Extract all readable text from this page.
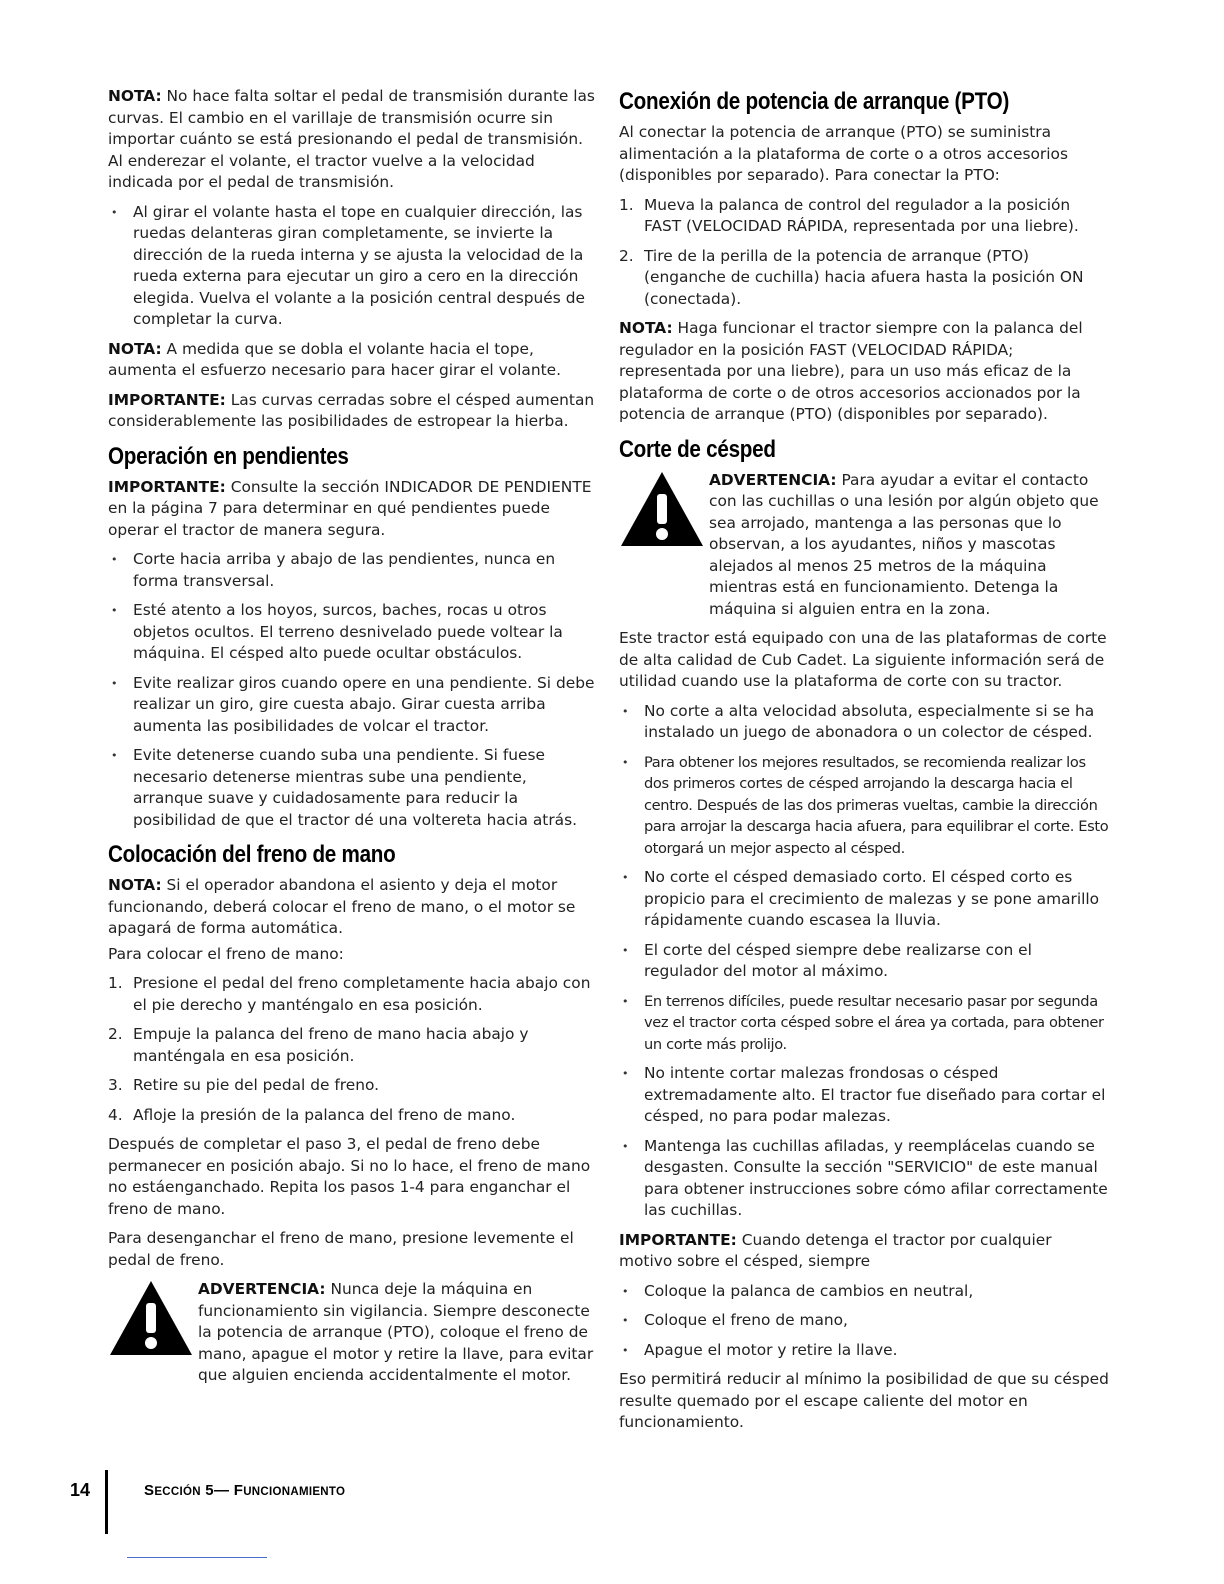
NOTA: No hace falta soltar el pedal de transmisión durante las curvas. El cambio en el varillaje de transmisión ocurre sin importar cuánto se está presionando el pedal de transmisión. Al enderezar el volante, el tractor vuelve a la velocidad indicada por el pedal de transmisión.

• Al girar el volante hasta el tope en cualquier dirección, las ruedas delanteras giran completamente, se invierte la dirección de la rueda interna y se ajusta la velocidad de la rueda externa para ejecutar un giro a cero en la dirección elegida. Vuelva el volante a la posición central después de completar la curva.

NOTA: A medida que se dobla el volante hacia el tope, aumenta el esfuerzo necesario para hacer girar el volante.

IMPORTANTE: Las curvas cerradas sobre el césped aumentan considerablemente las posibilidades de estropear la hierba.

Operación en pendientes

IMPORTANTE: Consulte la sección INDICADOR DE PENDIENTE en la página 7 para determinar en qué pendientes puede operar el tractor de manera segura.

• Corte hacia arriba y abajo de las pendientes, nunca en forma transversal.
• Esté atento a los hoyos, surcos, baches, rocas u otros objetos ocultos. El terreno desnivelado puede voltear la máquina. El césped alto puede ocultar obstáculos.
• Evite realizar giros cuando opere en una pendiente. Si debe realizar un giro, gire cuesta abajo. Girar cuesta arriba aumenta las posibilidades de volcar el tractor.
• Evite detenerse cuando suba una pendiente. Si fuese necesario detenerse mientras sube una pendiente, arranque suave y cuidadosamente para reducir la posibilidad de que el tractor dé una voltereta hacia atrás.
Colocación del freno de mano

NOTA: Si el operador abandona el asiento y deja el motor funcionando, deberá colocar el freno de mano, o el motor se apagará de forma automática.

Para colocar el freno de mano:

1. Presione el pedal del freno completamente hacia abajo con el pie derecho y manténgalo en esa posición.
2. Empuje la palanca del freno de mano hacia abajo y manténgala en esa posición.
3. Retire su pie del pedal de freno.
4. Afloje la presión de la palanca del freno de mano.

Después de completar el paso 3, el pedal de freno debe permanecer en posición abajo. Si no lo hace, el freno de mano no estáenganchado. Repita los pasos 1-4 para enganchar el freno de mano.

Para desenganchar el freno de mano, presione levemente el pedal de freno.

ADVERTENCIA: Nunca deje la máquina en funcionamiento sin vigilancia. Siempre desconecte la potencia de arranque (PTO), coloque el freno de mano, apague el motor y retire la llave, para evitar que alguien encienda accidentalmente el motor.

Conexión de potencia de arranque (PTO)

Al conectar la potencia de arranque (PTO) se suministra alimentación a la plataforma de corte o a otros accesorios (disponibles por separado). Para conectar la PTO:

1. Mueva la palanca de control del regulador a la posición FAST (VELOCIDAD RÁPIDA, representada por una liebre).
2. Tire de la perilla de la potencia de arranque (PTO) (enganche de cuchilla) hacia afuera hasta la posición ON (conectada).

NOTA: Haga funcionar el tractor siempre con la palanca del regulador en la posición FAST (VELOCIDAD RÁPIDA; representada por una liebre), para un uso más eficaz de la plataforma de corte o de otros accesorios accionados por la potencia de arranque (PTO) (disponibles por separado).

Corte de césped

ADVERTENCIA: Para ayudar a evitar el contacto con las cuchillas o una lesión por algún objeto que sea arrojado, mantenga a las personas que lo observan, a los ayudantes, niños y mascotas alejados al menos 25 metros de la máquina mientras está en funcionamiento. Detenga la máquina si alguien entra en la zona.

Este tractor está equipado con una de las plataformas de corte de alta calidad de Cub Cadet. La siguiente información será de utilidad cuando use la plataforma de corte con su tractor.

• No corte a alta velocidad absoluta, especialmente si se ha instalado un juego de abonadora o un colector de césped.
• Para obtener los mejores resultados, se recomienda realizar los dos primeros cortes de césped arrojando la descarga hacia el centro. Después de las dos primeras vueltas, cambie la dirección para arrojar la descarga hacia afuera, para equilibrar el corte. Esto otorgará un mejor aspecto al césped.
• No corte el césped demasiado corto. El césped corto es propicio para el crecimiento de malezas y se pone amarillo rápidamente cuando escasea la lluvia.
• El corte del césped siempre debe realizarse con el regulador del motor al máximo.
• En terrenos difíciles, puede resultar necesario pasar por segunda vez el tractor corta césped sobre el área ya cortada, para obtener un corte más prolijo.
• No intente cortar malezas frondosas o césped extremadamente alto. El tractor fue diseñado para cortar el césped, no para podar malezas.
• Mantenga las cuchillas afiladas, y reemplácelas cuando se desgasten. Consulte la sección "SERVICIO" de este manual para obtener instrucciones sobre cómo afilar correctamente las cuchillas.

IMPORTANTE: Cuando detenga el tractor por cualquier motivo sobre el césped, siempre

• Coloque la palanca de cambios en neutral,
• Coloque el freno de mano,
• Apague el motor y retire la llave.

Eso permitirá reducir al mínimo la posibilidad de que su césped resulte quemado por el escape caliente del motor en funcionamiento.

14	SECCIÓN 5— FUNCIONAMIENTO
